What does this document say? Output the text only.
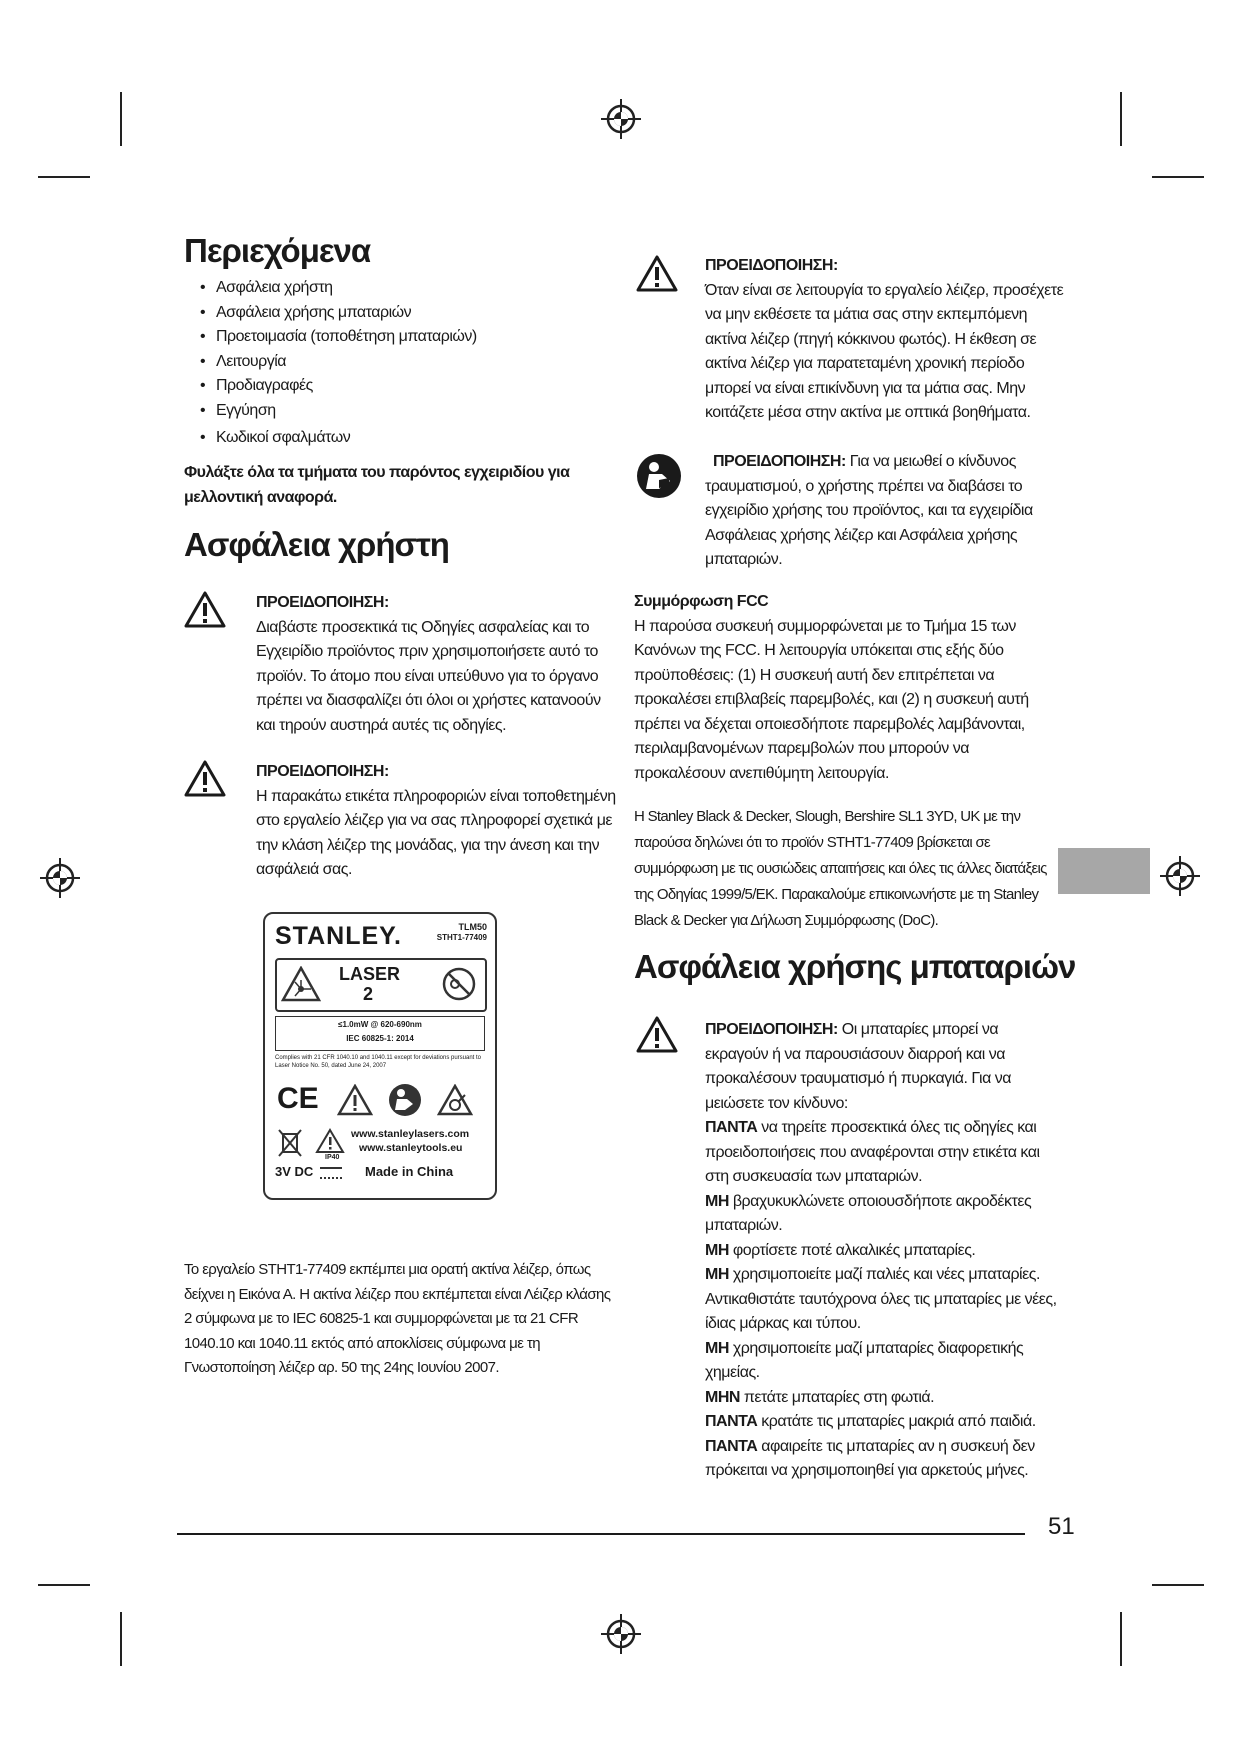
Περιεχόμενα
• Ασφάλεια χρήστη
• Ασφάλεια χρήσης μπαταριών
• Προετοιμασία (τοποθέτηση μπαταριών)
• Λειτουργία
• Προδιαγραφές
• Εγγύηση
• Κωδικοί σφαλμάτων

Φυλάξτε όλα τα τμήματα του παρόντος εγχειριδίου για μελλοντική αναφορά.

Ασφάλεια χρήστη
ΠΡΟΕΙΔΟΠΟΙΗΣΗ:
Διαβάστε προσεκτικά τις Οδηγίες ασφαλείας και το Εγχειρίδιο προϊόντος πριν χρησιμοποιήσετε αυτό το προϊόν. Το άτομο που είναι υπεύθυνο για το όργανο πρέπει να διασφαλίζει ότι όλοι οι χρήστες κατανοούν και τηρούν αυστηρά αυτές τις οδηγίες.
ΠΡΟΕΙΔΟΠΟΙΗΣΗ:
Η παρακάτω ετικέτα πληροφοριών είναι τοποθετημένη στο εργαλείο λέιζερ για να σας πληροφορεί σχετικά με την κλάση λέιζερ της μονάδας, για την άνεση και την ασφάλειά σας.
STANLEY.	TLM50
STHT1-77409
LASER
2
≤1.0mW @ 620-690nm
IEC 60825-1: 2014
Complies with 21 CFR 1040.10 and 1040.11 except for deviations pursuant to Laser Notice No. 50, dated June 24, 2007
CE
www.stanleylasers.com
www.stanleytools.eu
IP40
3V DC	Made in China

Το εργαλείο STHT1-77409 εκπέμπει μια ορατή ακτίνα λέιζερ, όπως δείχνει η Εικόνα Α. Η ακτίνα λέιζερ που εκπέμπεται είναι Λέιζερ κλάσης 2 σύμφωνα με το IEC 60825-1 και συμμορφώνεται με τα 21 CFR 1040.10 και 1040.11 εκτός από αποκλίσεις σύμφωνα με τη Γνωστοποίηση λέιζερ αρ. 50 της 24ης Ιουνίου 2007.

ΠΡΟΕΙΔΟΠΟΙΗΣΗ:
Όταν είναι σε λειτουργία το εργαλείο λέιζερ, προσέχετε να μην εκθέσετε τα μάτια σας στην εκπεμπόμενη ακτίνα λέιζερ (πηγή κόκκινου φωτός). Η έκθεση σε ακτίνα λέιζερ για παρατεταμένη χρονική περίοδο μπορεί να είναι επικίνδυνη για τα μάτια σας. Μην κοιτάζετε μέσα στην ακτίνα με οπτικά βοηθήματα.
ΠΡΟΕΙΔΟΠΟΙΗΣΗ: Για να μειωθεί ο κίνδυνος τραυματισμού, ο χρήστης πρέπει να διαβάσει το εγχειρίδιο χρήσης του προϊόντος, και τα εγχειρίδια Ασφάλειας χρήσης λέιζερ και Ασφάλεια χρήσης μπαταριών.
Συμμόρφωση FCC
Η παρούσα συσκευή συμμορφώνεται με το Τμήμα 15 των Κανόνων της FCC. Η λειτουργία υπόκειται στις εξής δύο προϋποθέσεις: (1) Η συσκευή αυτή δεν επιτρέπεται να προκαλέσει επιβλαβείς παρεμβολές, και (2) η συσκευή αυτή πρέπει να δέχεται οποιεσδήποτε παρεμβολές λαμβάνονται, περιλαμβανομένων παρεμβολών που μπορούν να προκαλέσουν ανεπιθύμητη λειτουργία.

Η Stanley Black & Decker, Slough, Bershire SL1 3YD, UK με την παρούσα δηλώνει ότι το προϊόν STHT1-77409 βρίσκεται σε συμμόρφωση με τις ουσιώδεις απαιτήσεις και όλες τις άλλες διατάξεις της Οδηγίας 1999/5/ΕΚ. Παρακαλούμε επικοινωνήστε με τη Stanley Black & Decker για Δήλωση Συμμόρφωσης (DoC).

Ασφάλεια χρήσης μπαταριών
ΠΡΟΕΙΔΟΠΟΙΗΣΗ: Οι μπαταρίες μπορεί να εκραγούν ή να παρουσιάσουν διαρροή και να προκαλέσουν τραυματισμό ή πυρκαγιά. Για να μειώσετε τον κίνδυνο:
ΠΑΝΤΑ να τηρείτε προσεκτικά όλες τις οδηγίες και προειδοποιήσεις που αναφέρονται στην ετικέτα και στη συσκευασία των μπαταριών.
ΜΗ βραχυκυκλώνετε οποιουσδήποτε ακροδέκτες μπαταριών.
ΜΗ φορτίσετε ποτέ αλκαλικές μπαταρίες.
ΜΗ χρησιμοποιείτε μαζί παλιές και νέες μπαταρίες. Αντικαθιστάτε ταυτόχρονα όλες τις μπαταρίες με νέες, ίδιας μάρκας και τύπου.
ΜΗ χρησιμοποιείτε μαζί μπαταρίες διαφορετικής χημείας.
ΜΗΝ πετάτε μπαταρίες στη φωτιά.
ΠΑΝΤΑ κρατάτε τις μπαταρίες μακριά από παιδιά.
ΠΑΝΤΑ αφαιρείτε τις μπαταρίες αν η συσκευή δεν πρόκειται να χρησιμοποιηθεί για αρκετούς μήνες.
51
